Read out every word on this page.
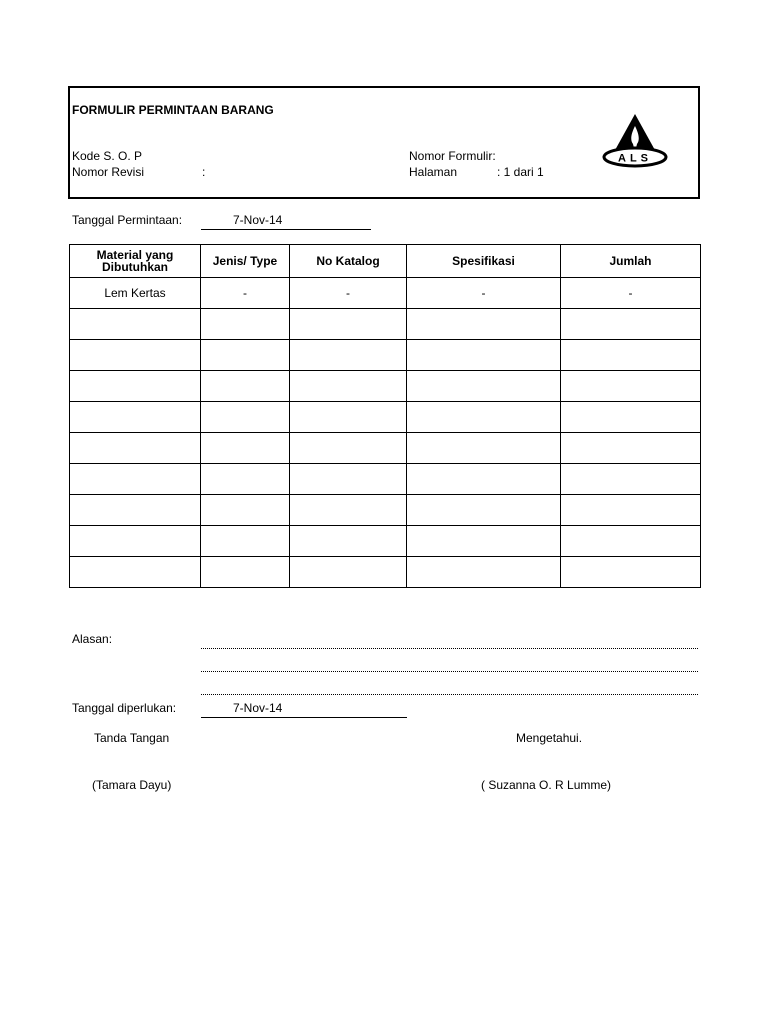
FORMULIR PERMINTAAN BARANG
Kode S. O. P
Nomor Revisi	:
Nomor Formulir:
Halaman	: 1 dari 1
ALS
Tanggal Permintaan:	7-Nov-14
Material yang Dibutuhkan	Jenis/ Type	No Katalog	Spesifikasi	Jumlah
Lem Kertas	-	-	-	-

Alasan:
Tanggal diperlukan:	7-Nov-14
Tanda Tangan
(Tamara Dayu)
Mengetahui.
( Suzanna O. R Lumme)
